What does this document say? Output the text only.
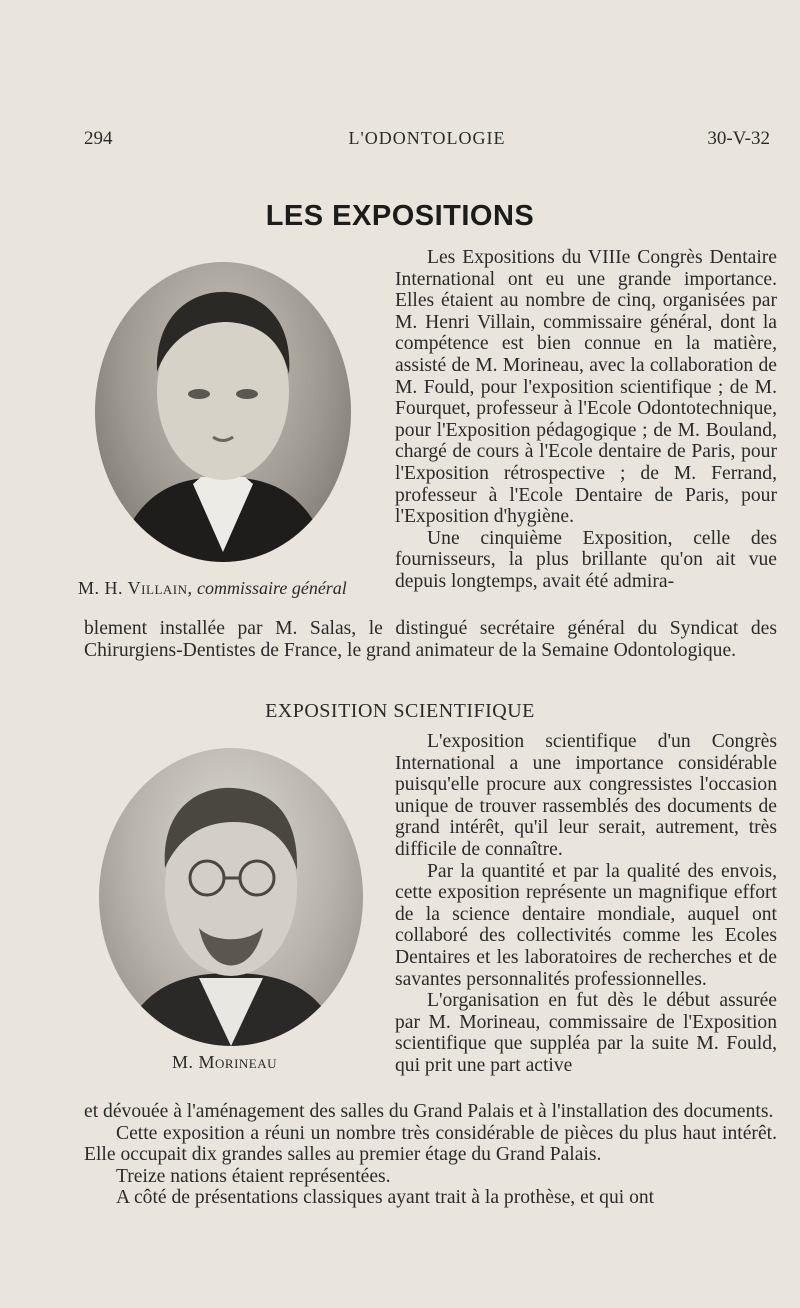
294	L'ODONTOLOGIE	30-V-32
LES EXPOSITIONS
M. H. Villain, commissaire général

Les Expositions du VIIIe Congrès Dentaire International ont eu une grande importance. Elles étaient au nombre de cinq, organisées par M. Henri Villain, commissaire général, dont la compétence est bien connue en la matière, assisté de M. Morineau, avec la collaboration de M. Fould, pour l'exposition scientifique ; de M. Fourquet, professeur à l'Ecole Odontotechnique, pour l'Exposition pédagogique ; de M. Bouland, chargé de cours à l'Ecole dentaire de Paris, pour l'Exposition rétrospective ; de M. Ferrand, professeur à l'Ecole Dentaire de Paris, pour l'Exposition d'hygiène.

Une cinquième Exposition, celle des fournisseurs, la plus brillante qu'on ait vue depuis longtemps, avait été admira-

blement installée par M. Salas, le distingué secrétaire général du Syndicat des Chirurgiens-Dentistes de France, le grand animateur de la Semaine Odontologique.

EXPOSITION SCIENTIFIQUE
M. Morineau

L'exposition scientifique d'un Congrès International a une importance considérable puisqu'elle procure aux congressistes l'occasion unique de trouver rassemblés des documents de grand intérêt, qu'il leur serait, autrement, très difficile de connaître.

Par la quantité et par la qualité des envois, cette exposition représente un magnifique effort de la science dentaire mondiale, auquel ont collaboré des collectivités comme les Ecoles Dentaires et les laboratoires de recherches et de savantes personnalités professionnelles.

L'organisation en fut dès le début assurée par M. Morineau, commissaire de l'Exposition scientifique que suppléa par la suite M. Fould, qui prit une part active

et dévouée à l'aménagement des salles du Grand Palais et à l'installation des documents.

Cette exposition a réuni un nombre très considérable de pièces du plus haut intérêt. Elle occupait dix grandes salles au premier étage du Grand Palais.

Treize nations étaient représentées.

A côté de présentations classiques ayant trait à la prothèse, et qui ont
